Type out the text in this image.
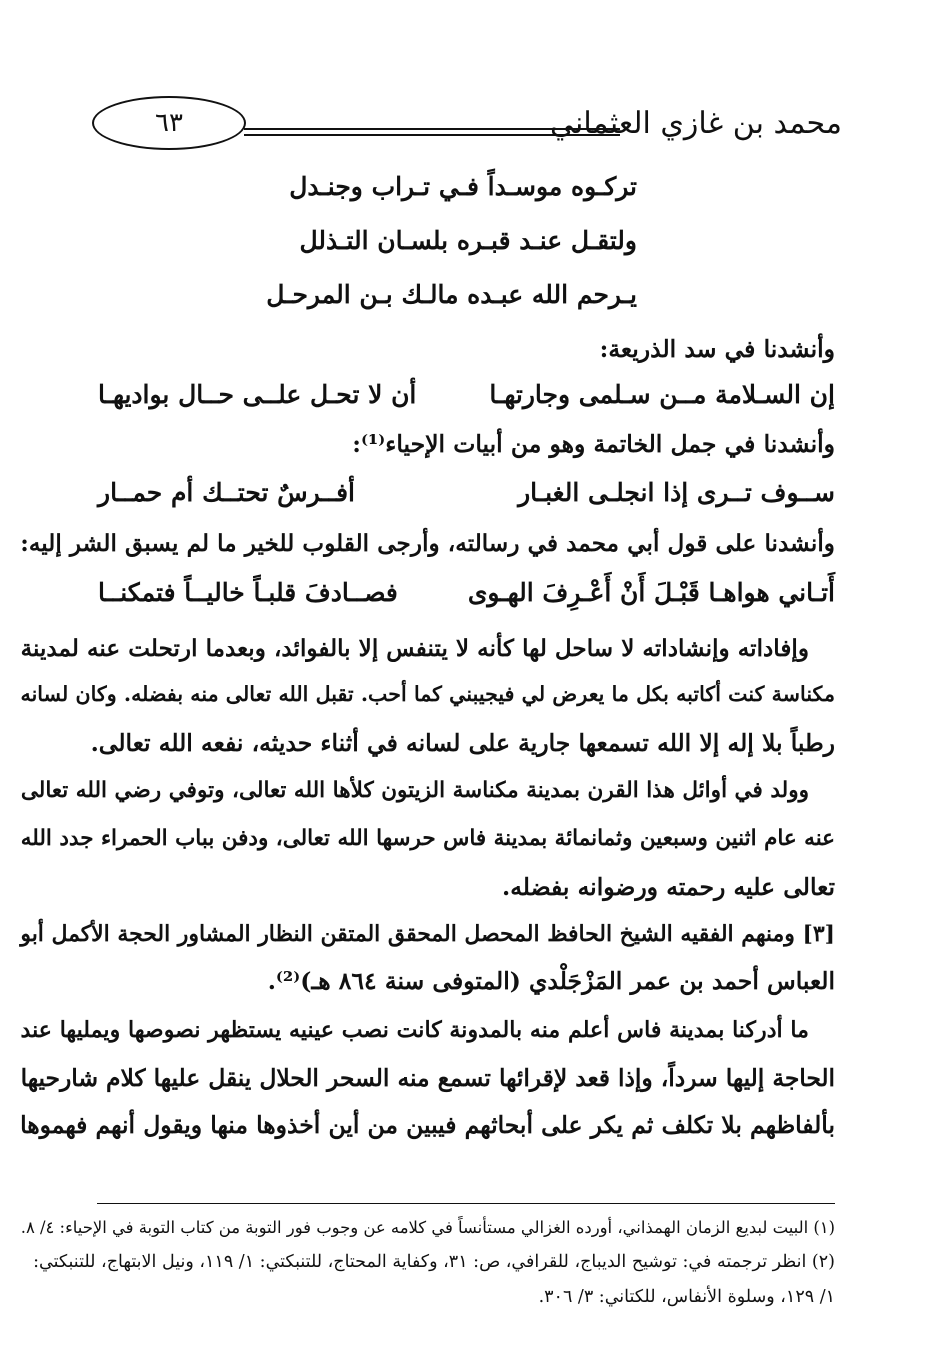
محمد بن غازي العثماني
٦٣
تركـوه موسـداً فـي تـراب وجنـدل
ولتقـل عنـد قبـره بلسـان التـذلل
يـرحم الله عبـده مالـك بـن المرحـل
وأنشدنا في سد الذريعة:
إن السـلامة مــن سـلمى وجارتهـا
أن لا تحـل علــى حــال بواديهـا
وأنشدنا في جمل الخاتمة وهو من أبيات الإحياء⁽¹⁾:
ســوف تــرى إذا انجلـى الغبـار
أفــرسٌ تحتــك أم حمــار
وأنشدنا على قول أبي محمد في رسالته، وأرجى القلوب للخير ما لم يسبق الشر إليه:
أَتـاني هواهـا قَبْـلَ أَنْ أَعْـرِفَ الهـوى
فصــادفَ قلبـاً خاليــاً فتمكنــا
وإفاداته وإنشاداته لا ساحل لها كأنه لا يتنفس إلا بالفوائد، وبعدما ارتحلت عنه لمدينة
مكناسة كنت أكاتبه بكل ما يعرض لي فيجيبني كما أحب. تقبل الله تعالى منه بفضله. وكان لسانه
رطباً بلا إله إلا الله تسمعها جارية على لسانه في أثناء حديثه، نفعه الله تعالى.
وولد في أوائل هذا القرن بمدينة مكناسة الزيتون كلأها الله تعالى، وتوفي رضي الله تعالى
عنه عام اثنين وسبعين وثمانمائة بمدينة فاس حرسها الله تعالى، ودفن بباب الحمراء جدد الله
تعالى عليه رحمته ورضوانه بفضله.
[٣] ومنهم الفقيه الشيخ الحافظ المحصل المحقق المتقن النظار المشاور الحجة الأكمل أبو
العباس أحمد بن عمر المَزْجَلْدي (المتوفى سنة ٨٦٤ هـ)⁽²⁾.
ما أدركنا بمدينة فاس أعلم منه بالمدونة كانت نصب عينيه يستظهر نصوصها ويمليها عند
الحاجة إليها سرداً، وإذا قعد لإقرائها تسمع منه السحر الحلال ينقل عليها كلام شارحيها
بألفاظهم بلا تكلف ثم يكر على أبحاثهم فيبين من أين أخذوها منها ويقول أنهم فهموها
(١) البيت لبديع الزمان الهمذاني، أورده الغزالي مستأنساً في كلامه عن وجوب فور التوبة من كتاب التوبة في الإحياء: ٤/ ٨.
(٢) انظر ترجمته في: توشيح الديباج، للقرافي، ص: ٣١، وكفاية المحتاج، للتنبكتي: ١/ ١١٩، ونيل الابتهاج، للتنبكتي:
١/ ١٢٩، وسلوة الأنفاس، للكتاني: ٣/ ٣٠٦.
